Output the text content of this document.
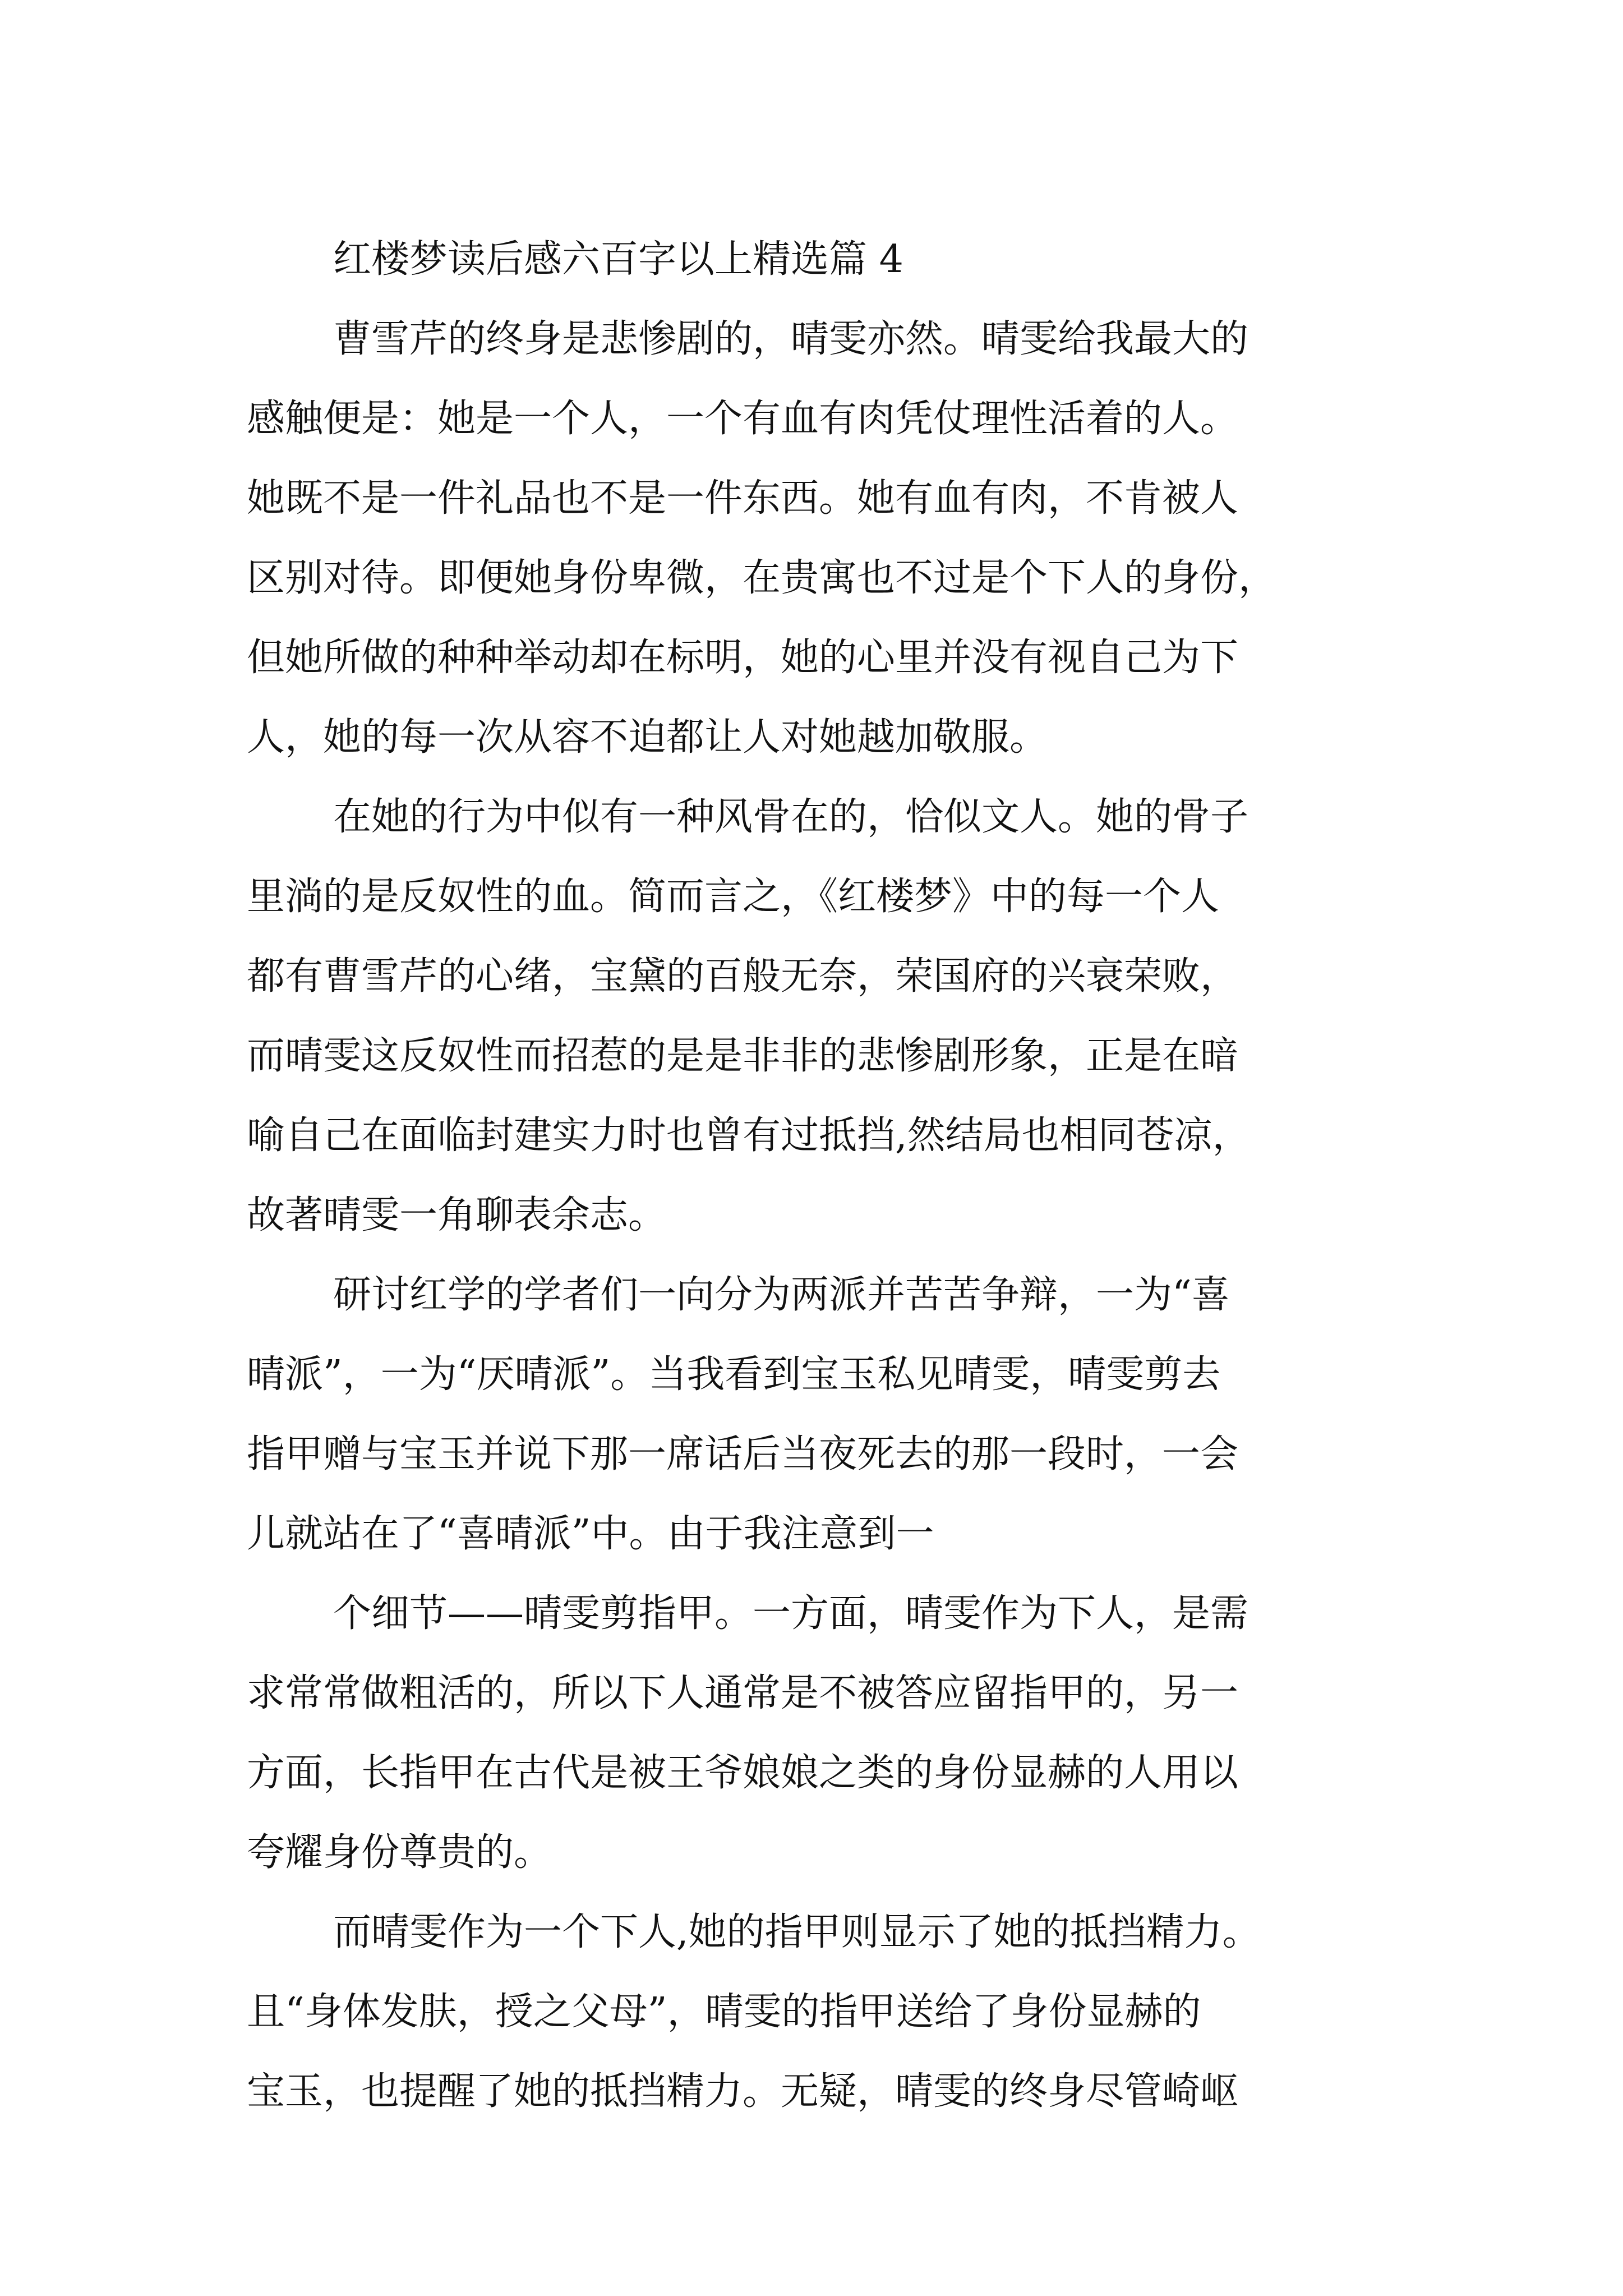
红楼梦读后感六百字以上精选篇 4
曹雪芹的终身是悲惨剧的，晴雯亦然。晴雯给我最大的
感触便是：她是一个人，一个有血有肉凭仗理性活着的人。
她既不是一件礼品也不是一件东西。她有血有肉，不肯被人
区别对待。即便她身份卑微，在贵寓也不过是个下人的身份，
但她所做的种种举动却在标明，她的心里并没有视自己为下
人，她的每一次从容不迫都让人对她越加敬服。
在她的行为中似有一种风骨在的，恰似文人。她的骨子
里淌的是反奴性的血。简而言之，《红楼梦》中的每一个人
都有曹雪芹的心绪，宝黛的百般无奈，荣国府的兴衰荣败，
而晴雯这反奴性而招惹的是是非非的悲惨剧形象，正是在暗
喻自己在面临封建实力时也曾有过抵挡,然结局也相同苍凉，
故著晴雯一角聊表余志。
研讨红学的学者们一向分为两派并苦苦争辩，一为“喜
晴派”，一为“厌晴派”。当我看到宝玉私见晴雯，晴雯剪去
指甲赠与宝玉并说下那一席话后当夜死去的那一段时，一会
儿就站在了“喜晴派”中。由于我注意到一
个细节——晴雯剪指甲。一方面，晴雯作为下人，是需
求常常做粗活的，所以下人通常是不被答应留指甲的，另一
方面，长指甲在古代是被王爷娘娘之类的身份显赫的人用以
夸耀身份尊贵的。
而晴雯作为一个下人,她的指甲则显示了她的抵挡精力。
且“身体发肤，授之父母”，晴雯的指甲送给了身份显赫的
宝玉，也提醒了她的抵挡精力。无疑，晴雯的终身尽管崎岖
